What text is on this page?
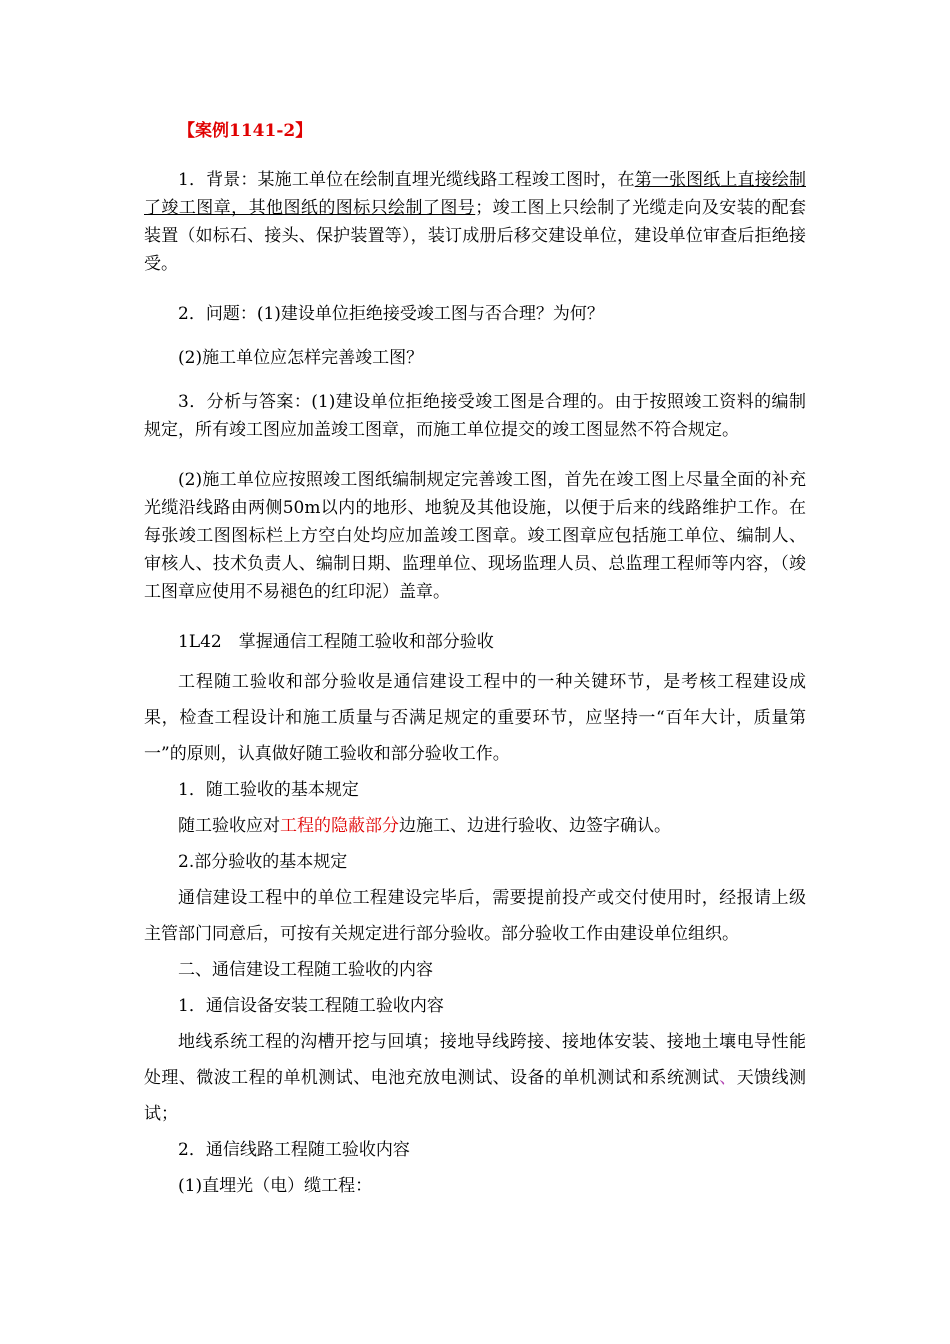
【案例1141-2】

1．背景：某施工单位在绘制直埋光缆线路工程竣工图时，在第一张图纸上直接绘制了竣工图章，其他图纸的图标只绘制了图号；竣工图上只绘制了光缆走向及安装的配套装置（如标石、接头、保护装置等），装订成册后移交建设单位，建设单位审查后拒绝接受。

2．问题：(1)建设单位拒绝接受竣工图与否合理？为何？

(2)施工单位应怎样完善竣工图？

3．分析与答案：(1)建设单位拒绝接受竣工图是合理的。由于按照竣工资料的编制规定，所有竣工图应加盖竣工图章，而施工单位提交的竣工图显然不符合规定。

(2)施工单位应按照竣工图纸编制规定完善竣工图，首先在竣工图上尽量全面的补充光缆沿线路由两侧50m以内的地形、地貌及其他设施，以便于后来的线路维护工作。在每张竣工图图标栏上方空白处均应加盖竣工图章。竣工图章应包括施工单位、编制人、审核人、技术负责人、编制日期、监理单位、现场监理人员、总监理工程师等内容，（竣工图章应使用不易褪色的红印泥）盖章。

1L42　掌握通信工程随工验收和部分验收

工程随工验收和部分验收是通信建设工程中的一种关键环节，是考核工程建设成果，检查工程设计和施工质量与否满足规定的重要环节，应坚持一“百年大计，质量第一”的原则，认真做好随工验收和部分验收工作。

1．随工验收的基本规定

随工验收应对工程的隐蔽部分边施工、边进行验收、边签字确认。

2.部分验收的基本规定

通信建设工程中的单位工程建设完毕后，需要提前投产或交付使用时，经报请上级主管部门同意后，可按有关规定进行部分验收。部分验收工作由建设单位组织。

二、通信建设工程随工验收的内容

1．通信设备安装工程随工验收内容

地线系统工程的沟槽开挖与回填；接地导线跨接、接地体安装、接地土壤电导性能处理、微波工程的单机测试、电池充放电测试、设备的单机测试和系统测试、天馈线测试；

2．通信线路工程随工验收内容

(1)直埋光（电）缆工程：
